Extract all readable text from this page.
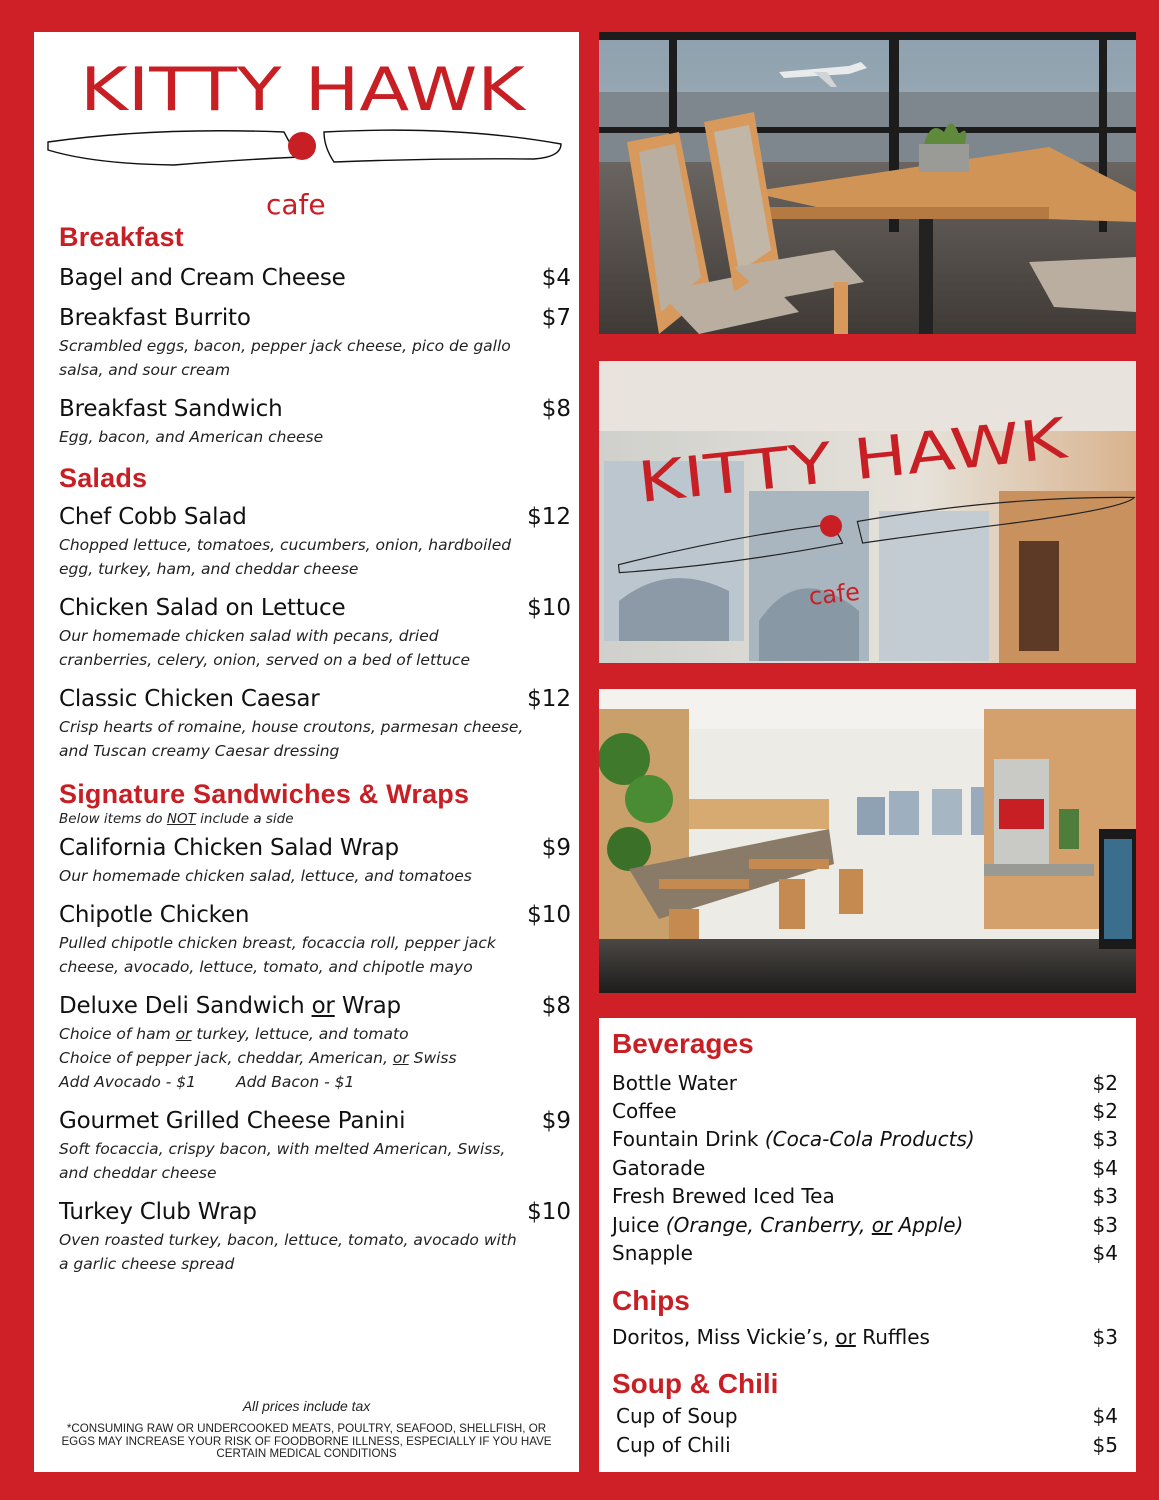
KITTY HAWK
cafe
Breakfast
Bagel and Cream Cheese	$4
Breakfast Burrito	$7
Scrambled eggs, bacon, pepper jack cheese, pico de gallo
salsa, and sour cream
Breakfast Sandwich	$8
Egg, bacon, and American cheese
Salads
Chef Cobb Salad	$12
Chopped lettuce, tomatoes, cucumbers, onion, hardboiled
egg, turkey, ham, and cheddar cheese
Chicken Salad on Lettuce	$10
Our homemade chicken salad with pecans, dried
cranberries, celery, onion, served on a bed of lettuce
Classic Chicken Caesar	$12
Crisp hearts of romaine, house croutons, parmesan cheese,
and Tuscan creamy Caesar dressing
Signature Sandwiches & Wraps
Below items do NOT include a side
California Chicken Salad Wrap	$9
Our homemade chicken salad, lettuce, and tomatoes
Chipotle Chicken	$10
Pulled chipotle chicken breast, focaccia roll, pepper jack
cheese, avocado, lettuce, tomato, and chipotle mayo
Deluxe Deli Sandwich or Wrap	$8
Choice of ham or turkey, lettuce, and tomato
Choice of pepper jack, cheddar, American, or Swiss
Add Avocado - $1	Add Bacon - $1
Gourmet Grilled Cheese Panini	$9
Soft focaccia, crispy bacon, with melted American, Swiss,
and cheddar cheese
Turkey Club Wrap	$10
Oven roasted turkey, bacon, lettuce, tomato, avocado with
a garlic cheese spread
All prices include tax
*CONSUMING RAW OR UNDERCOOKED MEATS, POULTRY, SEAFOOD, SHELLFISH, OR EGGS MAY INCREASE YOUR RISK OF FOODBORNE ILLNESS, ESPECIALLY IF YOU HAVE CERTAIN MEDICAL CONDITIONS
KITTY HAWK
cafe
Beverages
Bottle Water	$2
Coffee	$2
Fountain Drink (Coca-Cola Products)	$3
Gatorade	$4
Fresh Brewed Iced Tea	$3
Juice (Orange, Cranberry, or Apple)	$3
Snapple	$4
Chips
Doritos, Miss Vickie’s, or Ruffles	$3
Soup & Chili
Cup of Soup	$4
Cup of Chili	$5
